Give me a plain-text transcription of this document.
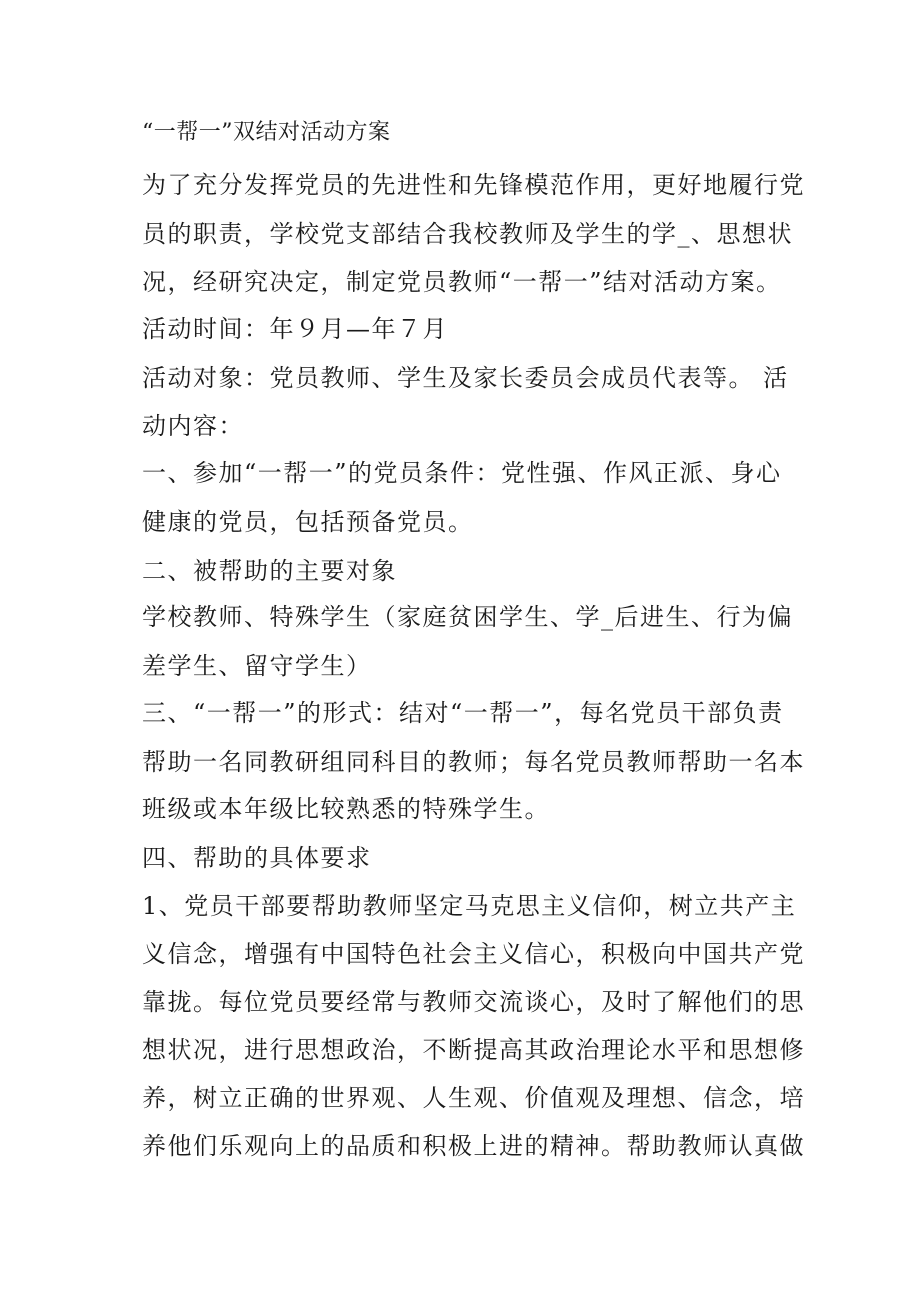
“一帮一”双结对活动方案
为了充分发挥党员的先进性和先锋模范作用，更好地履行党
员的职责，学校党支部结合我校教师及学生的学_、思想状
况，经研究决定，制定党员教师“一帮一”结对活动方案。
活动时间：年９月—年７月
活动对象：党员教师、学生及家长委员会成员代表等。 活
动内容：
一、参加“一帮一”的党员条件：党性强、作风正派、身心
健康的党员，包括预备党员。
二、被帮助的主要对象
学校教师、特殊学生（家庭贫困学生、学_后进生、行为偏
差学生、留守学生）
三、“一帮一”的形式：结对“一帮一”，每名党员干部负责
帮助一名同教研组同科目的教师；每名党员教师帮助一名本
班级或本年级比较熟悉的特殊学生。
四、帮助的具体要求
1、党员干部要帮助教师坚定马克思主义信仰，树立共产主
义信念，增强有中国特色社会主义信心，积极向中国共产党
靠拢。每位党员要经常与教师交流谈心，及时了解他们的思
想状况，进行思想政治，不断提高其政治理论水平和思想修
养，树立正确的世界观、人生观、价值观及理想、信念，培
养他们乐观向上的品质和积极上进的精神。帮助教师认真做
